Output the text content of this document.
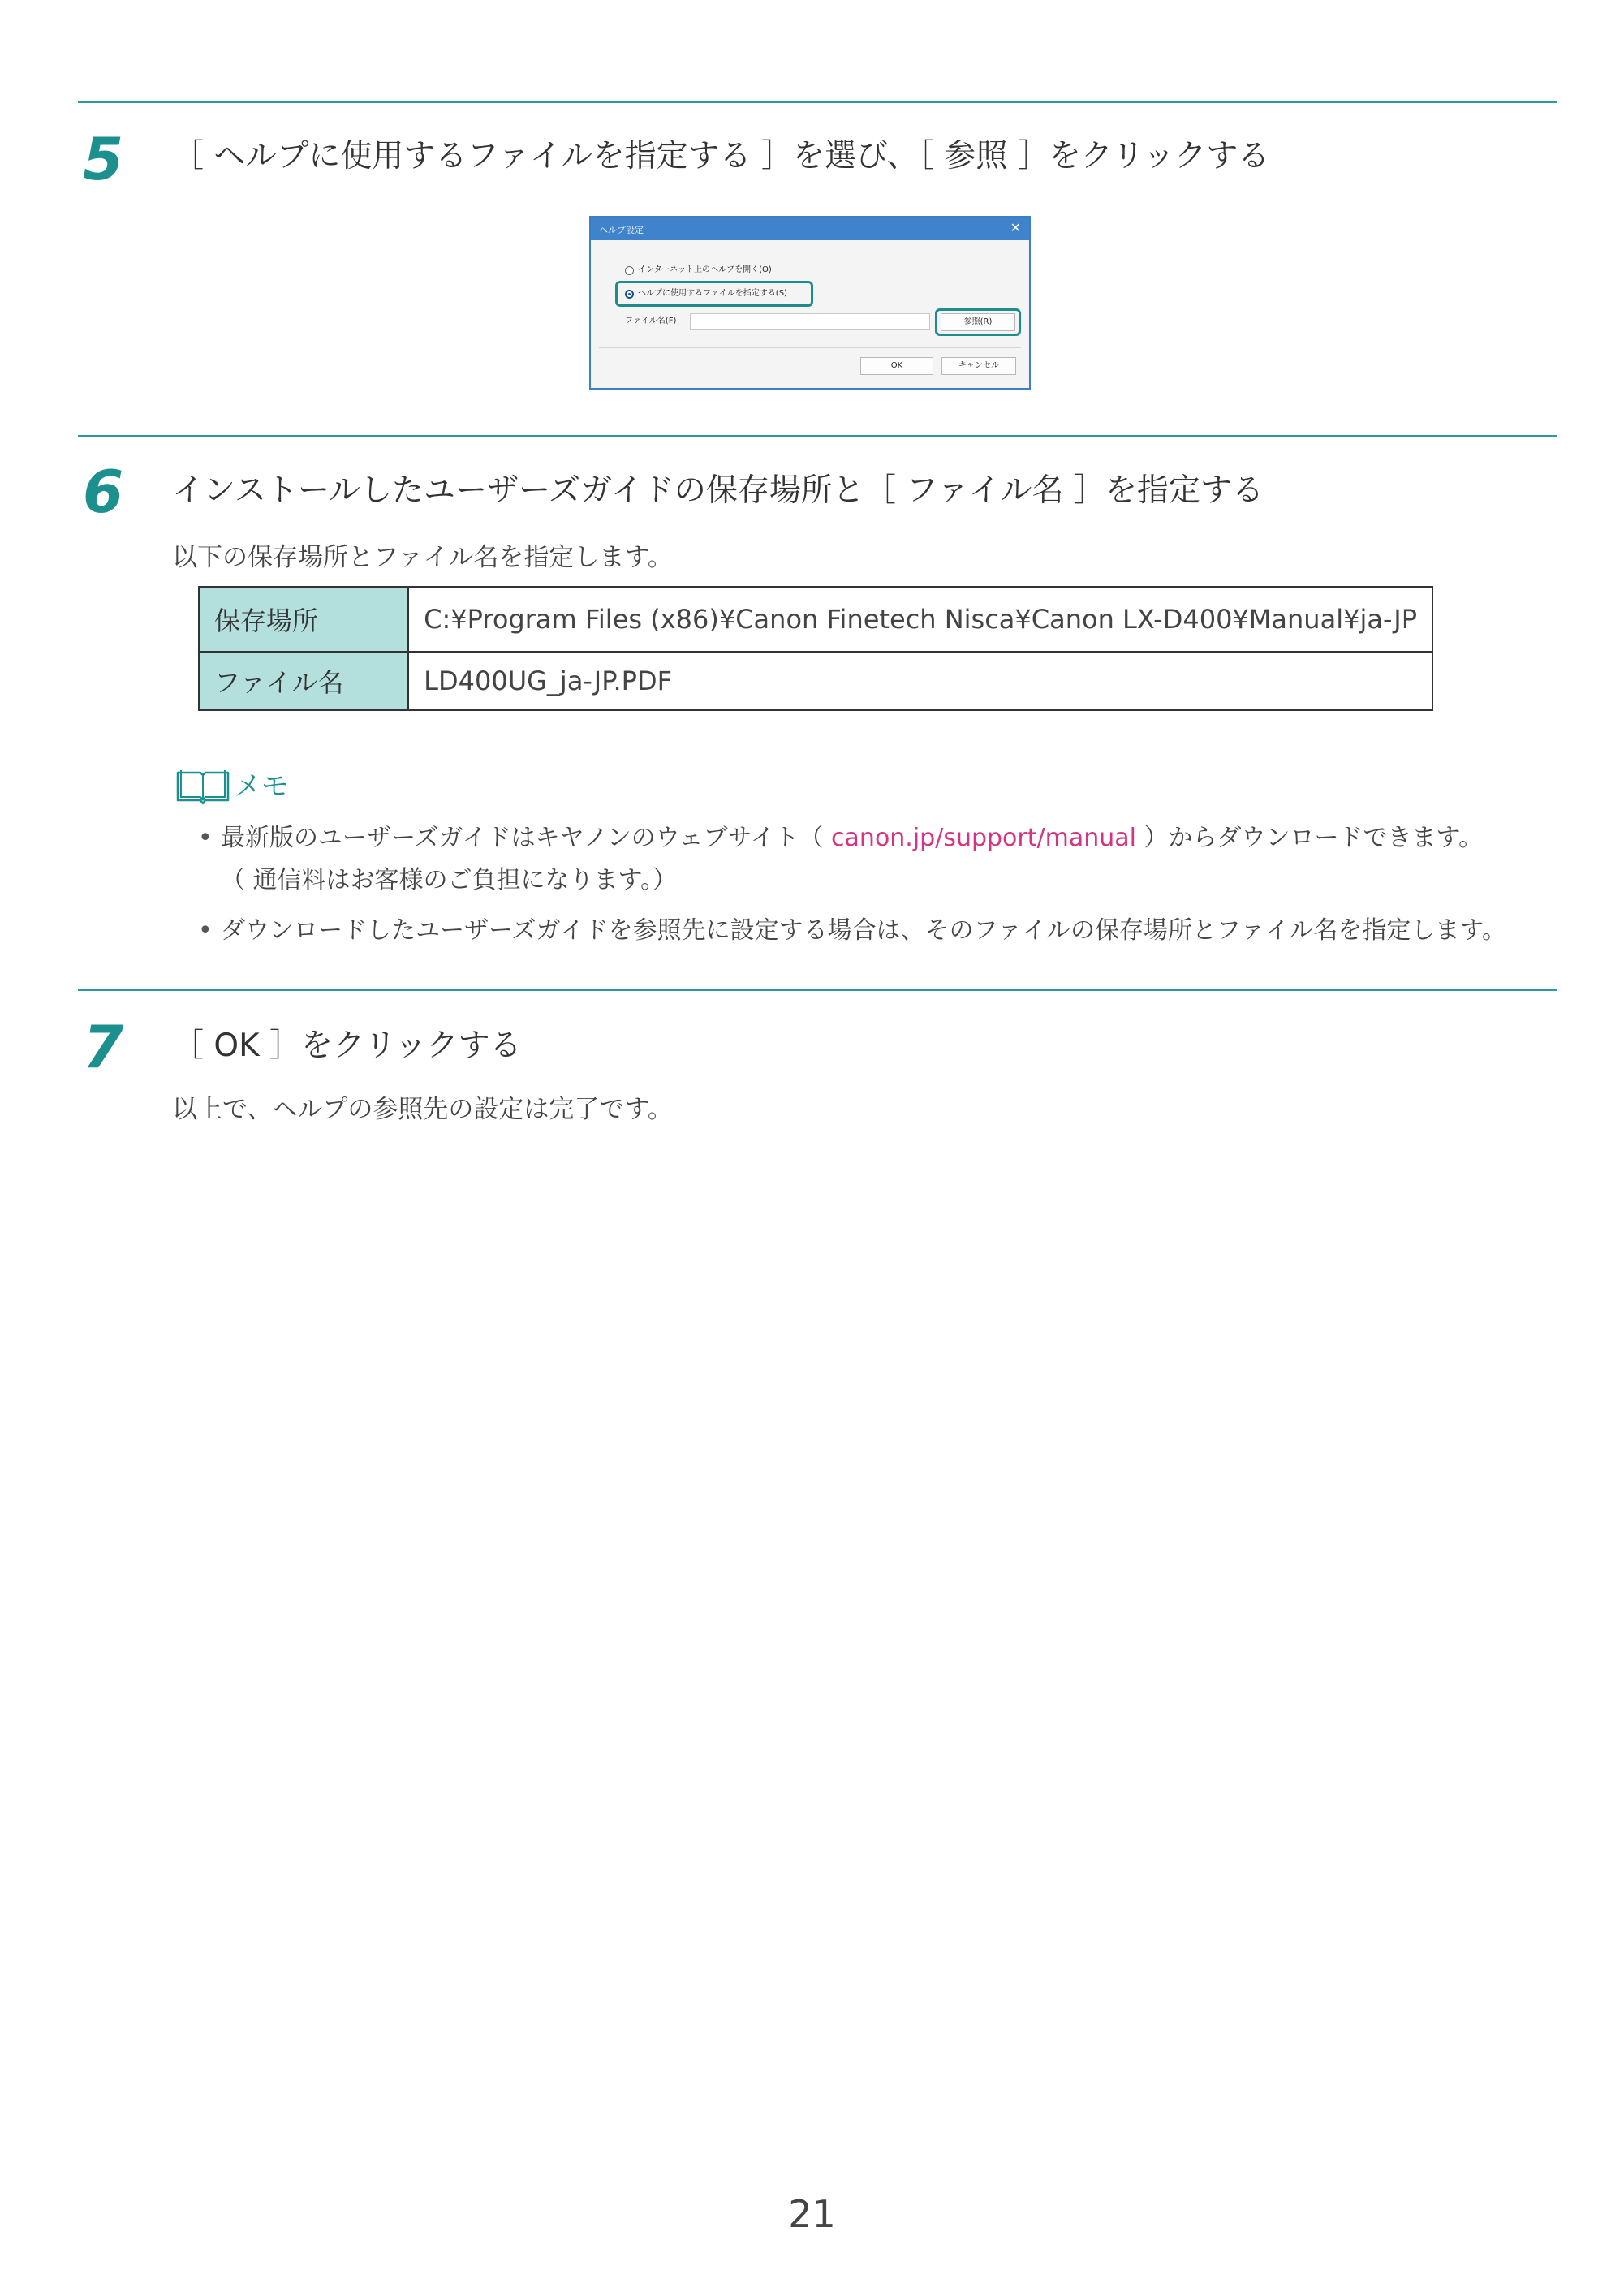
5 ［ ヘルプに使用するファイルを指定する ］を選び、［ 参照 ］をクリックする
ヘルプ設定	✕
インターネット上のヘルプを開く(O)
ヘルプに使用するファイルを指定する(S)
ファイル名(F)	参照(R)
OK	キャンセル
6 インストールしたユーザーズガイドの保存場所と［ ファイル名 ］を指定する
以下の保存場所とファイル名を指定します。
保存場所	C:¥Program Files (x86)¥Canon Finetech Nisca¥Canon LX-D400¥Manual¥ja-JP
ファイル名	LD400UG_ja-JP.PDF
メモ
• 最新版のユーザーズガイドはキヤノンのウェブサイト（ canon.jp/support/manual ）からダウンロードできます。
（ 通信料はお客様のご負担になります。）
• ダウンロードしたユーザーズガイドを参照先に設定する場合は、そのファイルの保存場所とファイル名を指定します。
7 ［ OK ］をクリックする
以上で、ヘルプの参照先の設定は完了です。
21
